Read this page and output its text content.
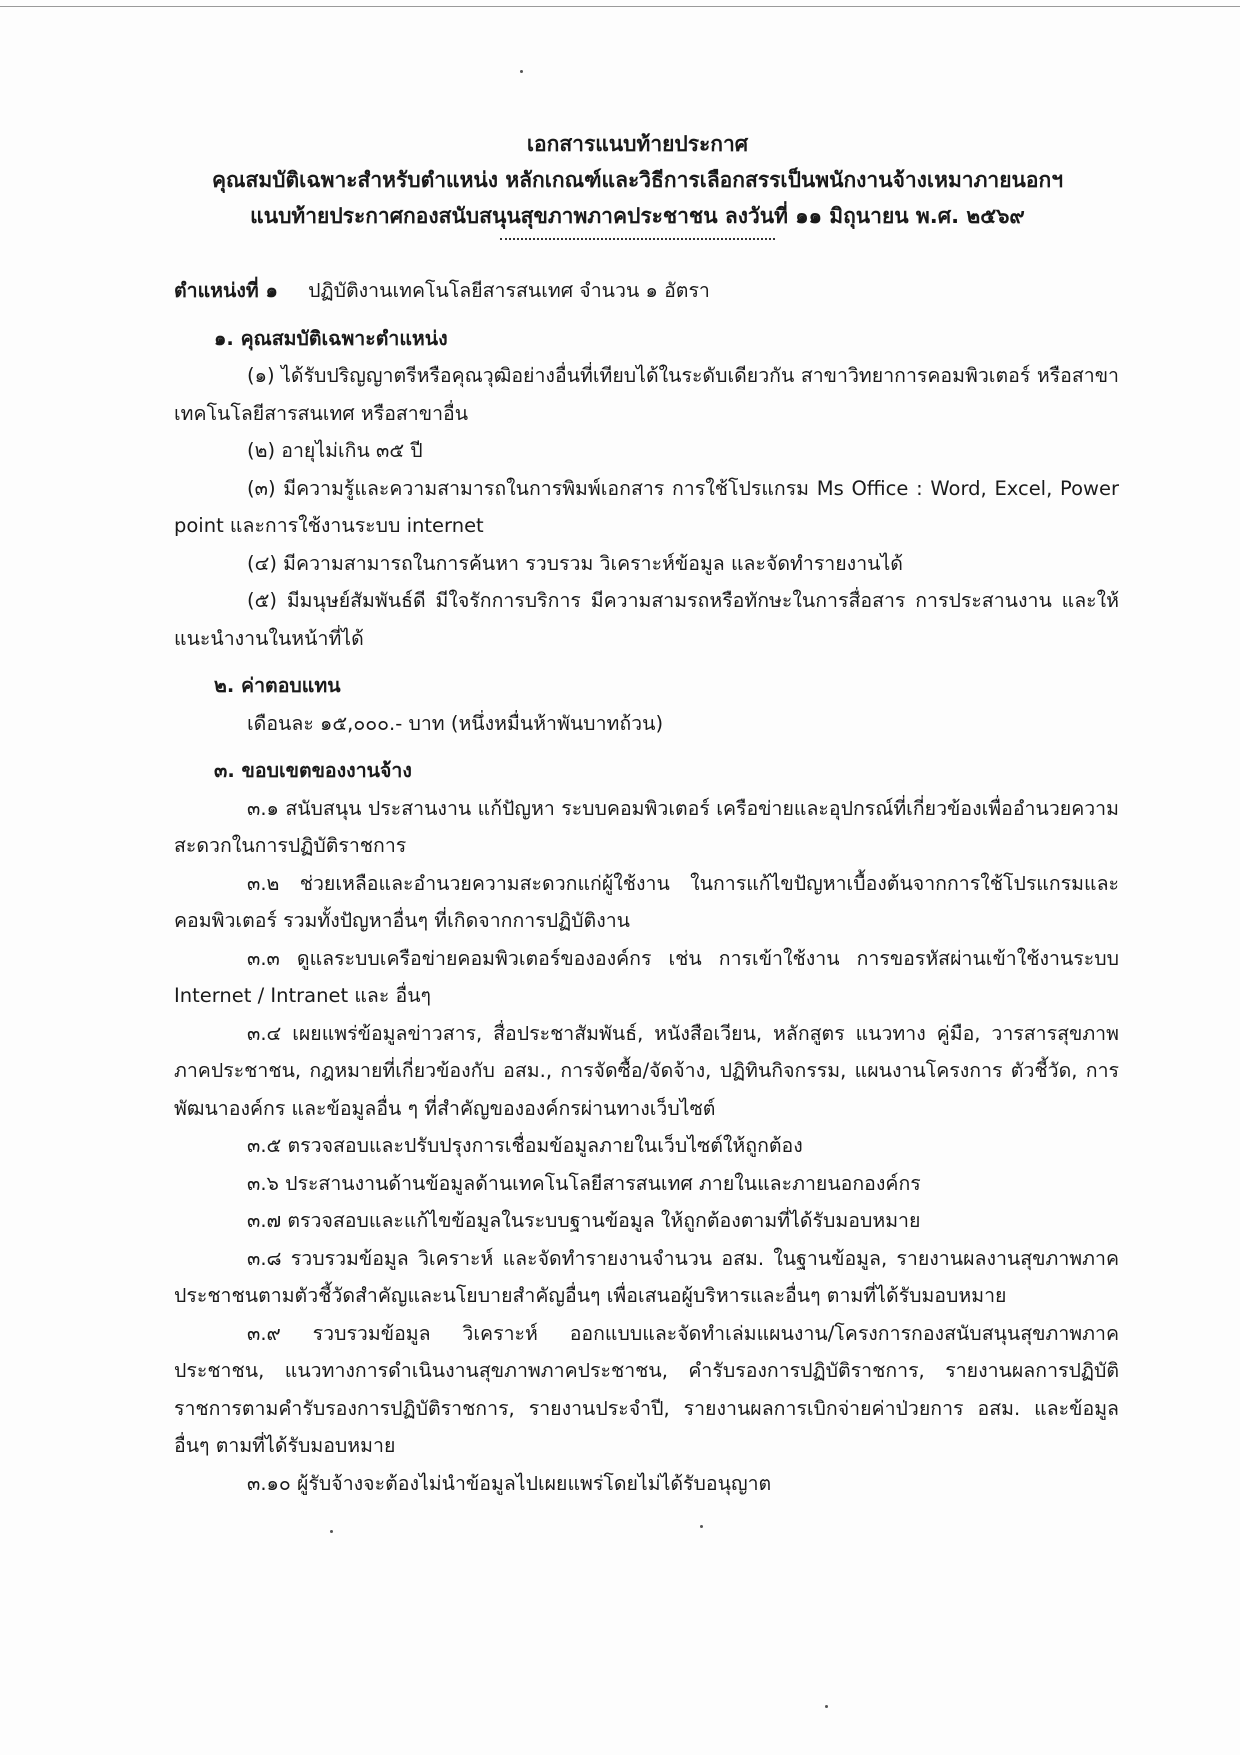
เอกสารแนบท้ายประกาศ
คุณสมบัติเฉพาะสำหรับตำแหน่ง หลักเกณฑ์และวิธีการเลือกสรรเป็นพนักงานจ้างเหมาภายนอกฯ
แนบท้ายประกาศกองสนับสนุนสุขภาพภาคประชาชน ลงวันที่ ๑๑ มิถุนายน พ.ศ. ๒๕๖๙
ตำแหน่งที่ ๑ ปฏิบัติงานเทคโนโลยีสารสนเทศ จำนวน ๑ อัตรา
๑. คุณสมบัติเฉพาะตำแหน่ง
(๑) ได้รับปริญญาตรีหรือคุณวุฒิอย่างอื่นที่เทียบได้ในระดับเดียวกัน สาขาวิทยาการคอมพิวเตอร์ หรือสาขาเทคโนโลยีสารสนเทศ หรือสาขาอื่น
(๒) อายุไม่เกิน ๓๕ ปี
(๓) มีความรู้และความสามารถในการพิมพ์เอกสาร การใช้โปรแกรม Ms Office : Word, Excel, Power point และการใช้งานระบบ internet
(๔) มีความสามารถในการค้นหา รวบรวม วิเคราะห์ข้อมูล และจัดทำรายงานได้
(๕) มีมนุษย์สัมพันธ์ดี มีใจรักการบริการ มีความสามรถหรือทักษะในการสื่อสาร การประสานงาน และให้แนะนำงานในหน้าที่ได้
๒. ค่าตอบแทน
เดือนละ ๑๕,๐๐๐.- บาท (หนึ่งหมื่นห้าพันบาทถ้วน)
๓. ขอบเขตของงานจ้าง
๓.๑ สนับสนุน ประสานงาน แก้ปัญหา ระบบคอมพิวเตอร์ เครือข่ายและอุปกรณ์ที่เกี่ยวข้องเพื่ออำนวยความสะดวกในการปฏิบัติราชการ
๓.๒ ช่วยเหลือและอำนวยความสะดวกแก่ผู้ใช้งาน ในการแก้ไขปัญหาเบื้องต้นจากการใช้โปรแกรมและคอมพิวเตอร์ รวมทั้งปัญหาอื่นๆ ที่เกิดจากการปฏิบัติงาน
๓.๓ ดูแลระบบเครือข่ายคอมพิวเตอร์ขององค์กร เช่น การเข้าใช้งาน การขอรหัสผ่านเข้าใช้งานระบบ Internet / Intranet และ อื่นๆ
๓.๔ เผยแพร่ข้อมูลข่าวสาร, สื่อประชาสัมพันธ์, หนังสือเวียน, หลักสูตร แนวทาง คู่มือ, วารสารสุขภาพภาคประชาชน, กฎหมายที่เกี่ยวข้องกับ อสม., การจัดซื้อ/จัดจ้าง, ปฏิทินกิจกรรม, แผนงานโครงการ ตัวชี้วัด, การพัฒนาองค์กร และข้อมูลอื่น ๆ ที่สำคัญขององค์กรผ่านทางเว็บไซต์
๓.๕ ตรวจสอบและปรับปรุงการเชื่อมข้อมูลภายในเว็บไซต์ให้ถูกต้อง
๓.๖ ประสานงานด้านข้อมูลด้านเทคโนโลยีสารสนเทศ ภายในและภายนอกองค์กร
๓.๗ ตรวจสอบและแก้ไขข้อมูลในระบบฐานข้อมูล ให้ถูกต้องตามที่ได้รับมอบหมาย
๓.๘ รวบรวมข้อมูล วิเคราะห์ และจัดทำรายงานจำนวน อสม. ในฐานข้อมูล, รายงานผลงานสุขภาพภาคประชาชนตามตัวชี้วัดสำคัญและนโยบายสำคัญอื่นๆ เพื่อเสนอผู้บริหารและอื่นๆ ตามที่ได้รับมอบหมาย
๓.๙ รวบรวมข้อมูล วิเคราะห์ ออกแบบและจัดทำเล่มแผนงาน/โครงการกองสนับสนุนสุขภาพภาคประชาชน, แนวทางการดำเนินงานสุขภาพภาคประชาชน, คำรับรองการปฏิบัติราชการ, รายงานผลการปฏิบัติราชการตามคำรับรองการปฏิบัติราชการ, รายงานประจำปี, รายงานผลการเบิกจ่ายค่าป่วยการ อสม. และข้อมูลอื่นๆ ตามที่ได้รับมอบหมาย
๓.๑๐ ผู้รับจ้างจะต้องไม่นำข้อมูลไปเผยแพร่โดยไม่ได้รับอนุญาต
